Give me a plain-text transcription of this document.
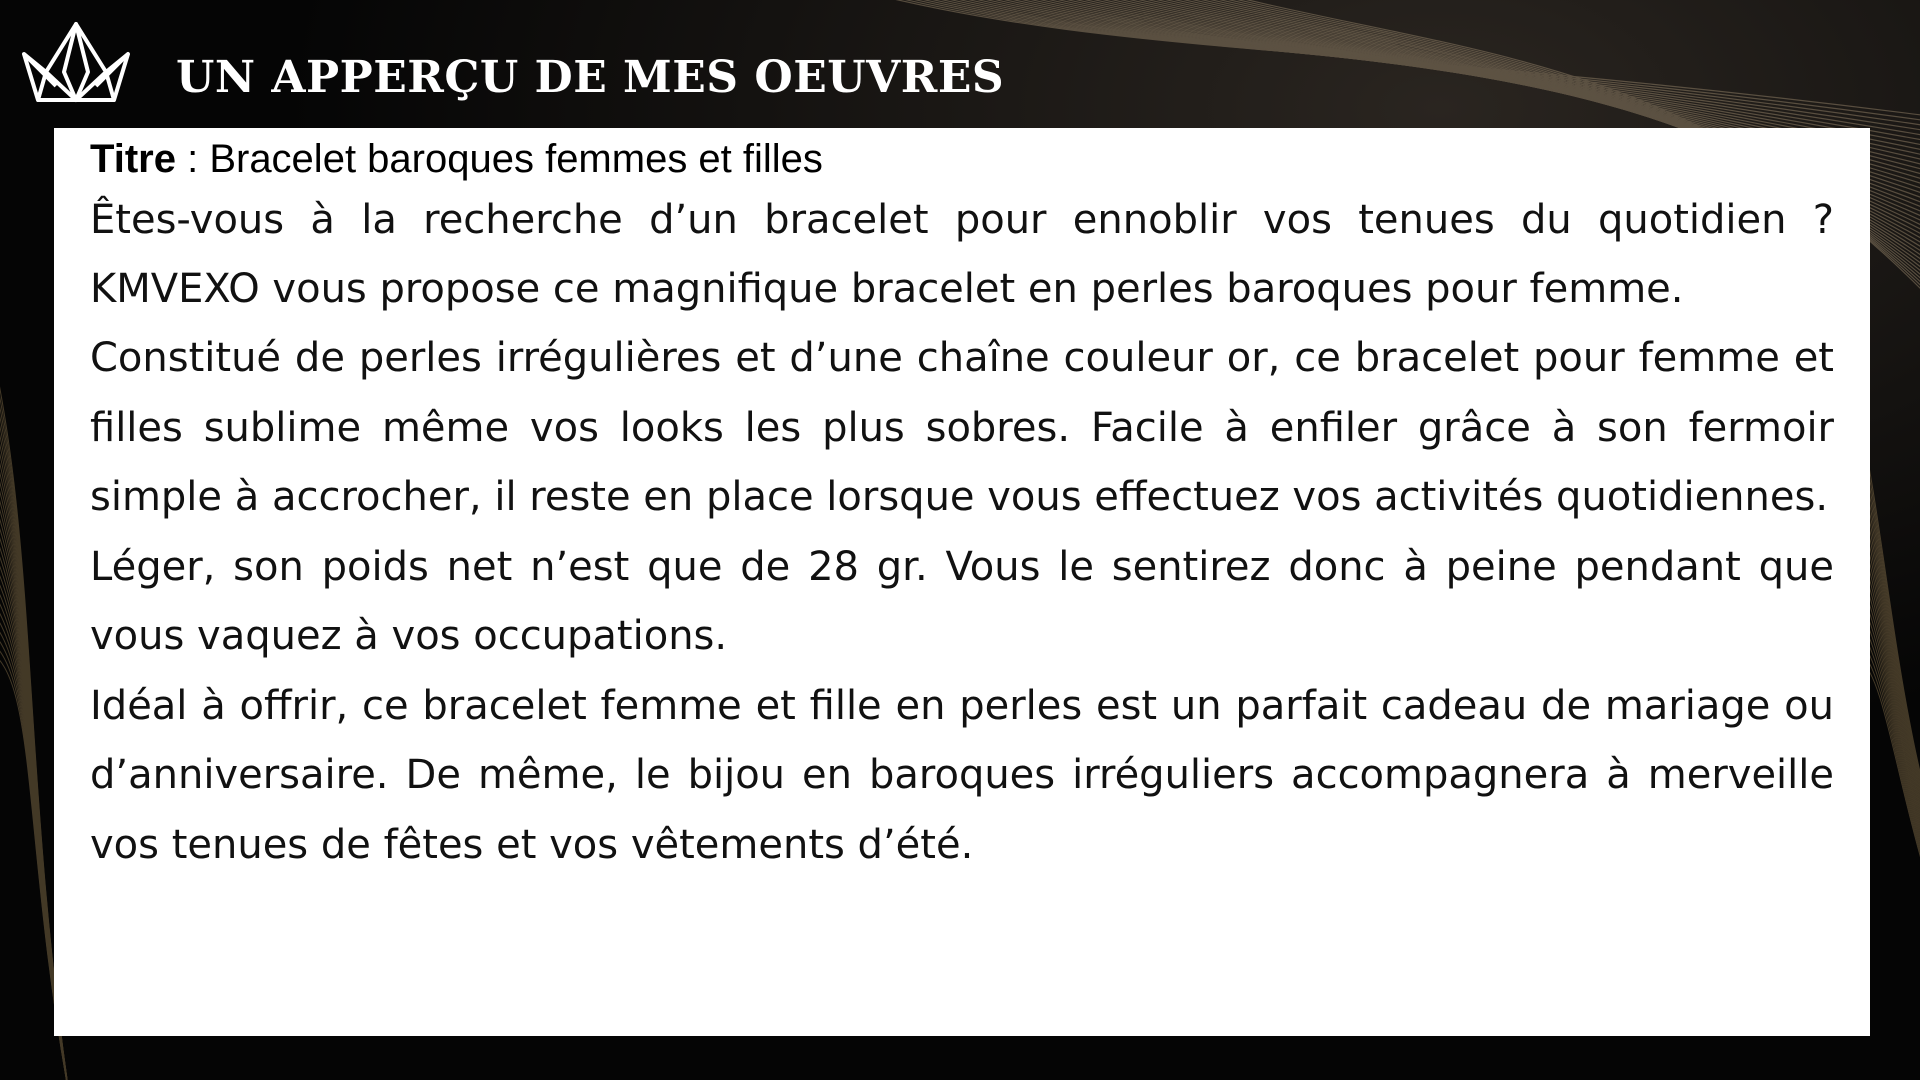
UN APPERÇU DE MES OEUVRES
Titre : Bracelet baroques femmes et filles

Êtes-vous à la recherche d’un bracelet pour ennoblir vos tenues du quotidien ? KMVEXO vous propose ce magnifique bracelet en perles baroques pour femme.

Constitué de perles irrégulières et d’une chaîne couleur or, ce bracelet pour femme et filles sublime même vos looks les plus sobres. Facile à enfiler grâce à son fermoir simple à accrocher, il reste en place lorsque vous effectuez vos activités quotidiennes.

Léger, son poids net n’est que de 28 gr. Vous le sentirez donc à peine pendant que vous vaquez à vos occupations.

Idéal à offrir, ce bracelet femme et fille en perles est un parfait cadeau de mariage ou d’anniversaire. De même, le bijou en baroques irréguliers accompagnera à merveille vos tenues de fêtes et vos vêtements d’été.
